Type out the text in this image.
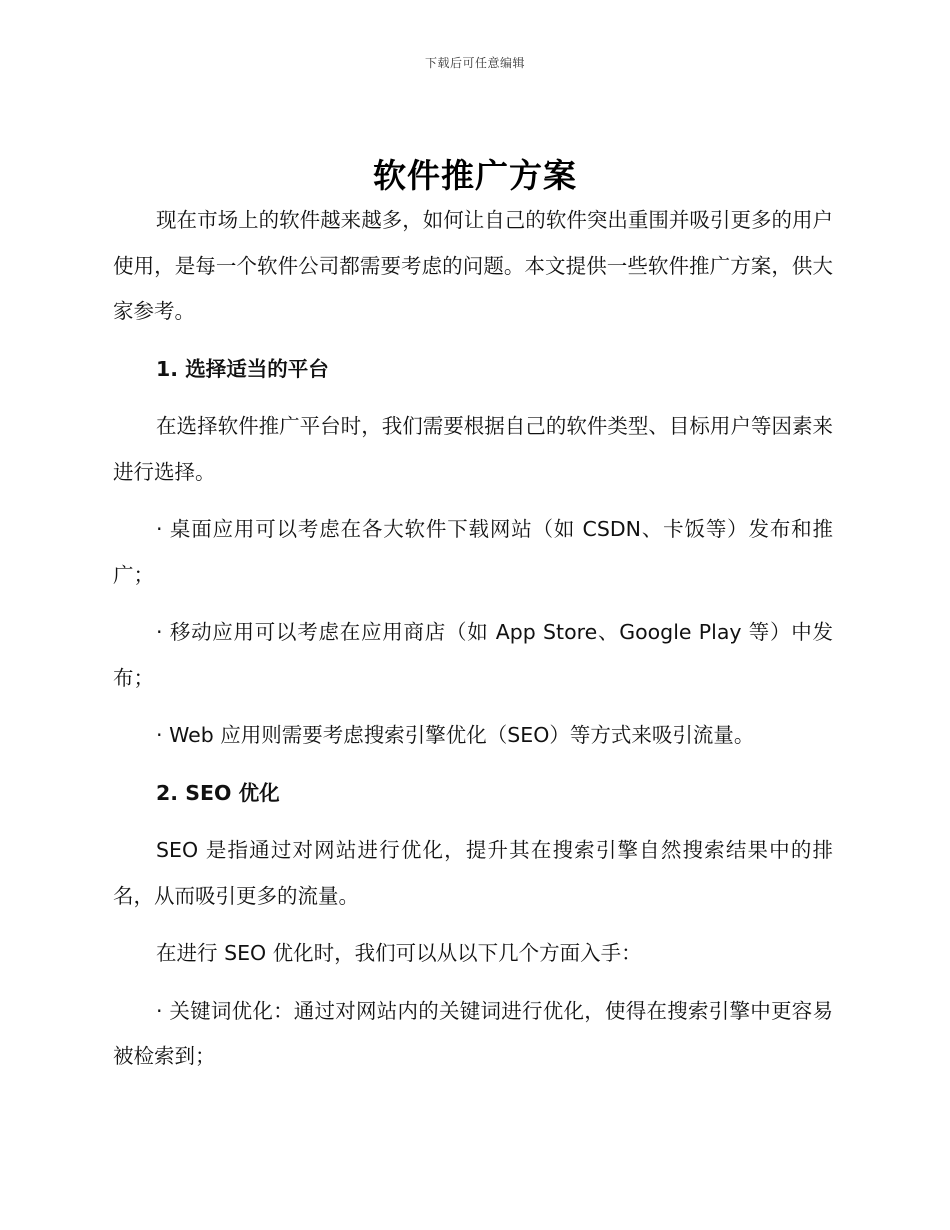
下载后可任意编辑
软件推广方案

现在市场上的软件越来越多，如何让自己的软件突出重围并吸引更多的用户使用，是每一个软件公司都需要考虑的问题。本文提供一些软件推广方案，供大家参考。

1. 选择适当的平台

在选择软件推广平台时，我们需要根据自己的软件类型、目标用户等因素来进行选择。

· 桌面应用可以考虑在各大软件下载网站（如 CSDN、卡饭等）发布和推广；

· 移动应用可以考虑在应用商店（如 App Store、Google Play 等）中发布；

· Web 应用则需要考虑搜索引擎优化（SEO）等方式来吸引流量。

2. SEO 优化

SEO 是指通过对网站进行优化，提升其在搜索引擎自然搜索结果中的排名，从而吸引更多的流量。

在进行 SEO 优化时，我们可以从以下几个方面入手：

· 关键词优化：通过对网站内的关键词进行优化，使得在搜索引擎中更容易被检索到；
